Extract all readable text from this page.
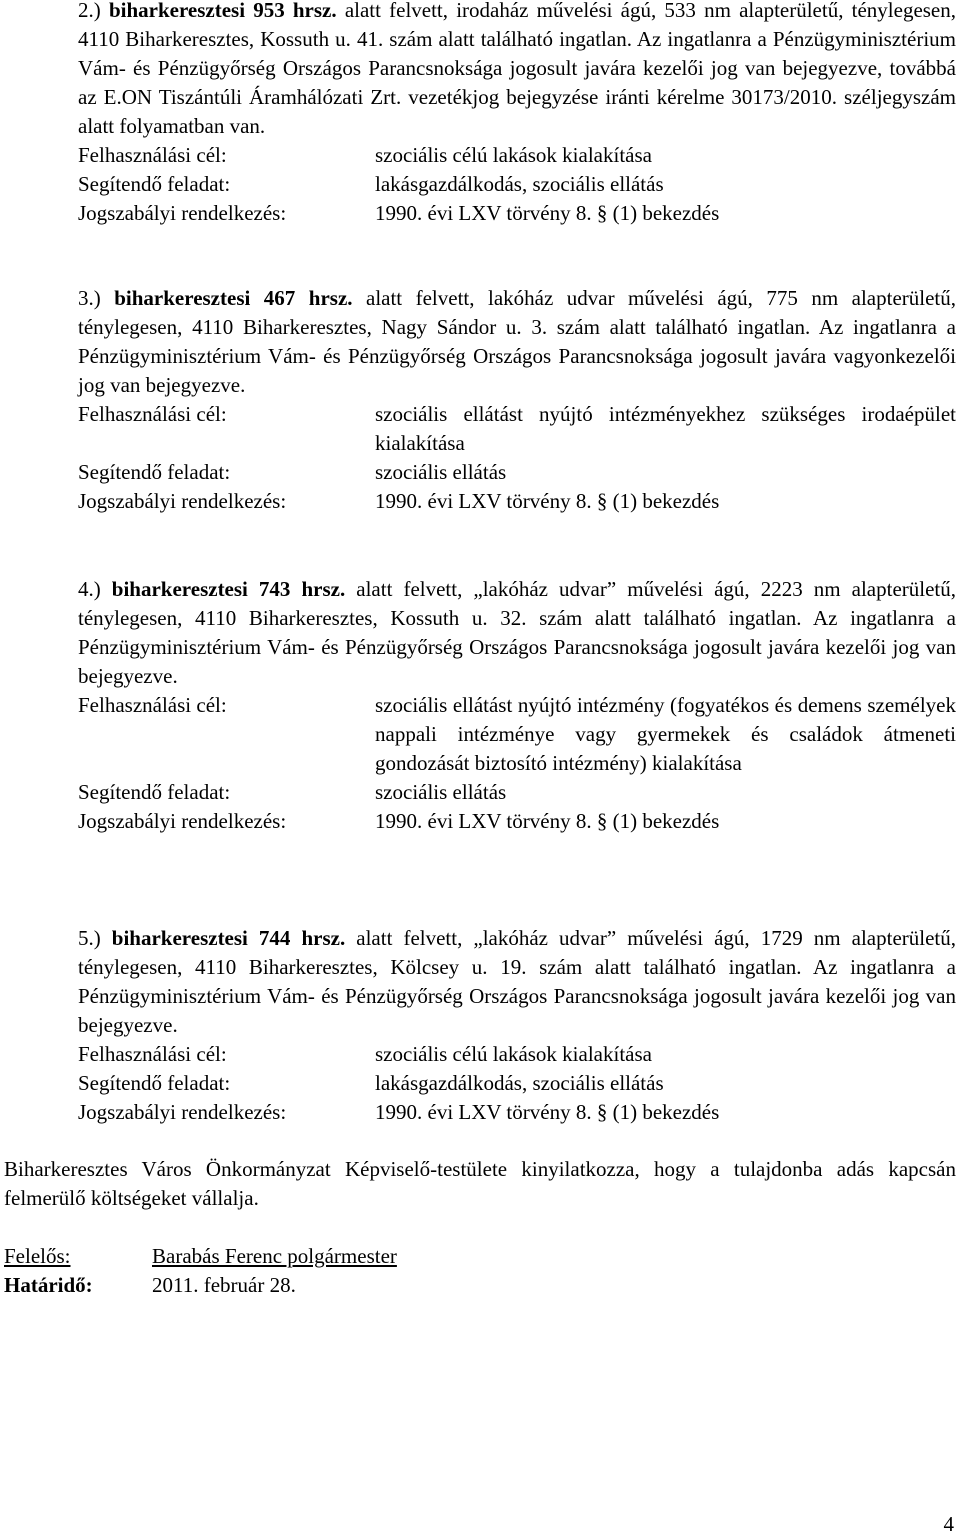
2.) biharkeresztesi 953 hrsz. alatt felvett, irodaház művelési ágú, 533 nm alapterületű, ténylegesen, 4110 Biharkeresztes, Kossuth u. 41. szám alatt található ingatlan. Az ingatlanra a Pénzügyminisztérium Vám- és Pénzügyőrség Országos Parancsnoksága jogosult javára kezelői jog van bejegyezve, továbbá az E.ON Tiszántúli Áramhálózati Zrt. vezetékjog bejegyzése iránti kérelme 30173/2010. széljegyszám alatt folyamatban van.

Felhasználási cél:	szociális célú lakások kialakítása
Segítendő feladat:	lakásgazdálkodás, szociális ellátás
Jogszabályi rendelkezés:	1990. évi LXV törvény 8. § (1) bekezdés

3.) biharkeresztesi 467 hrsz. alatt felvett, lakóház udvar művelési ágú, 775 nm alapterületű, ténylegesen, 4110 Biharkeresztes, Nagy Sándor u. 3. szám alatt található ingatlan. Az ingatlanra a Pénzügyminisztérium Vám- és Pénzügyőrség Országos Parancsnoksága jogosult javára vagyonkezelői jog van bejegyezve.

Felhasználási cél:	szociális ellátást nyújtó intézményekhez szükséges irodaépület kialakítása
Segítendő feladat:	szociális ellátás
Jogszabályi rendelkezés:	1990. évi LXV törvény 8. § (1) bekezdés

4.) biharkeresztesi 743 hrsz. alatt felvett, „lakóház udvar” művelési ágú, 2223 nm alapterületű, ténylegesen, 4110 Biharkeresztes, Kossuth u. 32. szám alatt található ingatlan. Az ingatlanra a Pénzügyminisztérium Vám- és Pénzügyőrség Országos Parancsnoksága jogosult javára kezelői jog van bejegyezve.

Felhasználási cél:	szociális ellátást nyújtó intézmény (fogyatékos és demens személyek nappali intézménye vagy gyermekek és családok átmeneti gondozását biztosító intézmény) kialakítása
Segítendő feladat:	szociális ellátás
Jogszabályi rendelkezés:	1990. évi LXV törvény 8. § (1) bekezdés

5.) biharkeresztesi 744 hrsz. alatt felvett, „lakóház udvar” művelési ágú, 1729 nm alapterületű, ténylegesen, 4110 Biharkeresztes, Kölcsey u. 19. szám alatt található ingatlan. Az ingatlanra a Pénzügyminisztérium Vám- és Pénzügyőrség Országos Parancsnoksága jogosult javára kezelői jog van bejegyezve.

Felhasználási cél:	szociális célú lakások kialakítása
Segítendő feladat:	lakásgazdálkodás, szociális ellátás
Jogszabályi rendelkezés:	1990. évi LXV törvény 8. § (1) bekezdés

Biharkeresztes Város Önkormányzat Képviselő-testülete kinyilatkozza, hogy a tulajdonba adás kapcsán felmerülő költségeket vállalja.

Felelős:	Barabás Ferenc polgármester

Határidő:	2011. február 28.

4
